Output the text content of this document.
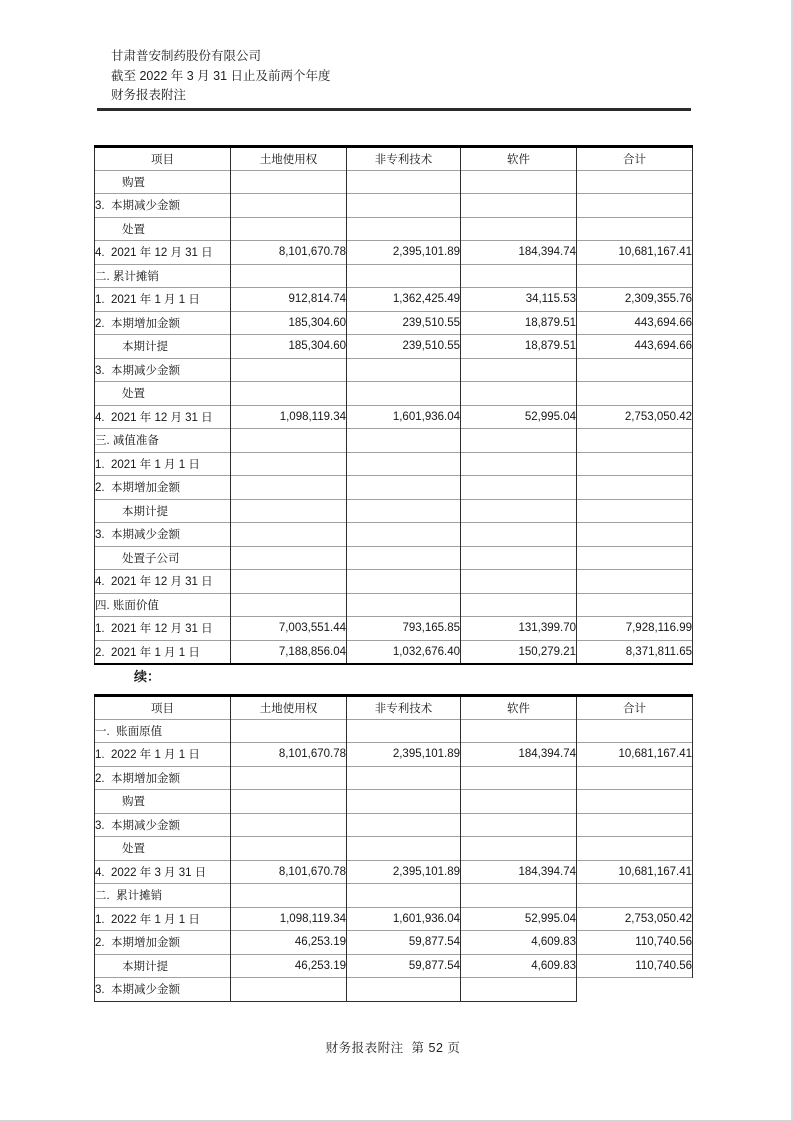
甘肃普安制药股份有限公司
截至 2022 年 3 月 31 日止及前两个年度
财务报表附注
续：
财务报表附注  第 52 页
项目	土地使用权	非专利技术	软件	合计
购置				
3.  本期减少金额				
处置				
4.  2021 年 12 月 31 日	8,101,670.78	2,395,101.89	184,394.74	10,681,167.41
二. 累计摊销				
1.  2021 年 1 月 1 日	912,814.74	1,362,425.49	34,115.53	2,309,355.76
2.  本期增加金额	185,304.60	239,510.55	18,879.51	443,694.66
本期计提	185,304.60	239,510.55	18,879.51	443,694.66
3.  本期减少金额				
处置				
4.  2021 年 12 月 31 日	1,098,119.34	1,601,936.04	52,995.04	2,753,050.42
三. 减值准备				
1.  2021 年 1 月 1 日				
2.  本期增加金额				
本期计提				
3.  本期减少金额				
处置子公司				
4.  2021 年 12 月 31 日				
四. 账面价值				
1.  2021 年 12 月 31 日	7,003,551.44	793,165.85	131,399.70	7,928,116.99
2.  2021 年 1 月 1 日	7,188,856.04	1,032,676.40	150,279.21	8,371,811.65
项目	土地使用权	非专利技术	软件	合计
一.  账面原值				
1.  2022 年 1 月 1 日	8,101,670.78	2,395,101.89	184,394.74	10,681,167.41
2.  本期增加金额				
购置				
3.  本期减少金额				
处置				
4.  2022 年 3 月 31 日	8,101,670.78	2,395,101.89	184,394.74	10,681,167.41
二.  累计摊销				
1.  2022 年 1 月 1 日	1,098,119.34	1,601,936.04	52,995.04	2,753,050.42
2.  本期增加金额	46,253.19	59,877.54	4,609.83	110,740.56
本期计提	46,253.19	59,877.54	4,609.83	110,740.56
3.  本期减少金额				
